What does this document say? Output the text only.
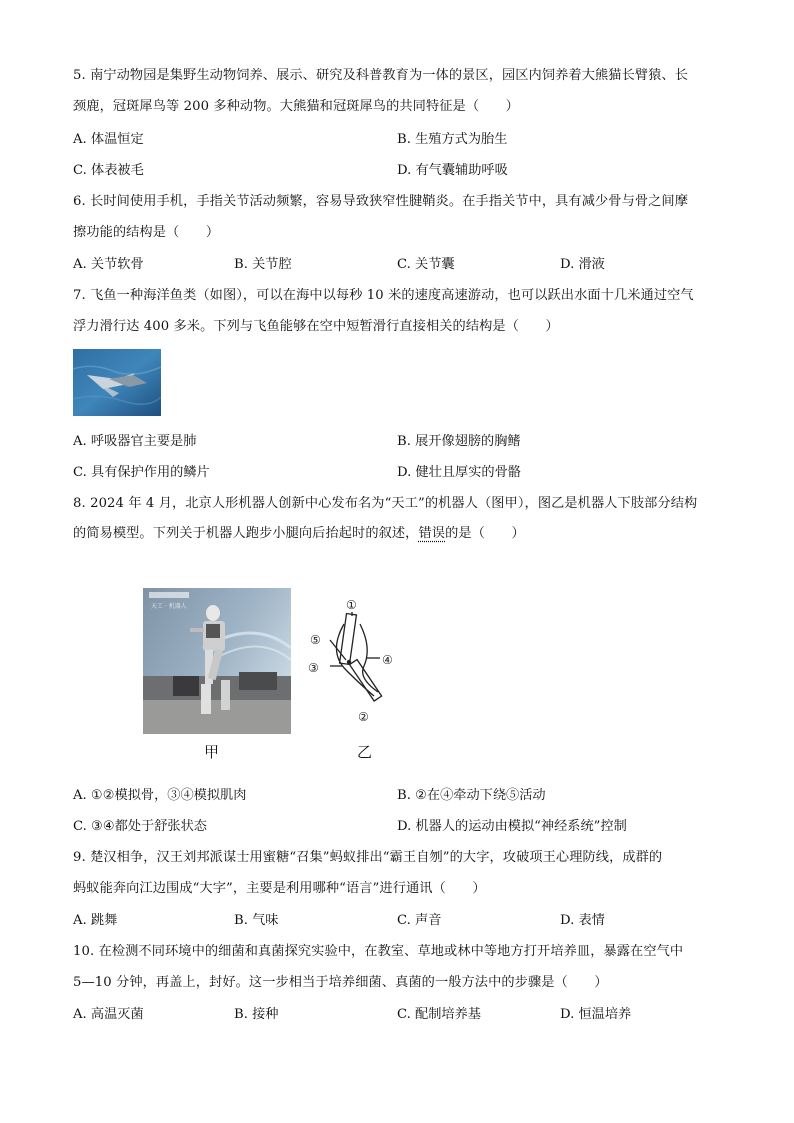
5. 南宁动物园是集野生动物饲养、展示、研究及科普教育为一体的景区，园区内饲养着大熊猫长臂猿、长
颈鹿，冠斑犀鸟等 200 多种动物。大熊猫和冠斑犀鸟的共同特征是（　　）
A. 体温恒定	B. 生殖方式为胎生
C. 体表被毛	D. 有气囊辅助呼吸
6. 长时间使用手机，手指关节活动频繁，容易导致狭窄性腱鞘炎。在手指关节中，具有减少骨与骨之间摩
擦功能的结构是（　　）
A. 关节软骨	B. 关节腔	C. 关节囊	D. 滑液
7. 飞鱼一种海洋鱼类（如图），可以在海中以每秒 10 米的速度高速游动，也可以跃出水面十几米通过空气
浮力滑行达 400 多米。下列与飞鱼能够在空中短暂滑行直接相关的结构是（　　）
A. 呼吸器官主要是肺	B. 展开像翅膀的胸鳍
C. 具有保护作用的鳞片	D. 健壮且厚实的骨骼
8. 2024 年 4 月，北京人形机器人创新中心发布名为“天工”的机器人（图甲），图乙是机器人下肢部分结构
的简易模型。下列关于机器人跑步小腿向后抬起时的叙述，错误的是（　　）
天工 · 机器人
甲
①
②
③
④
⑤
乙
A. ①②模拟骨，③④模拟肌肉	B. ②在④牵动下绕⑤活动
C. ③④都处于舒张状态	D. 机器人的运动由模拟“神经系统”控制
9. 楚汉相争，汉王刘邦派谋士用蜜糖“召集”蚂蚁排出“霸王自刎”的大字，攻破项王心理防线，成群的
蚂蚁能奔向江边围成“大字”，主要是利用哪种“语言”进行通讯（　　）
A. 跳舞	B. 气味	C. 声音	D. 表情
10. 在检测不同环境中的细菌和真菌探究实验中，在教室、草地或林中等地方打开培养皿，暴露在空气中
5—10 分钟，再盖上，封好。这一步相当于培养细菌、真菌的一般方法中的步骤是（　　）
A. 高温灭菌	B. 接种	C. 配制培养基	D. 恒温培养
